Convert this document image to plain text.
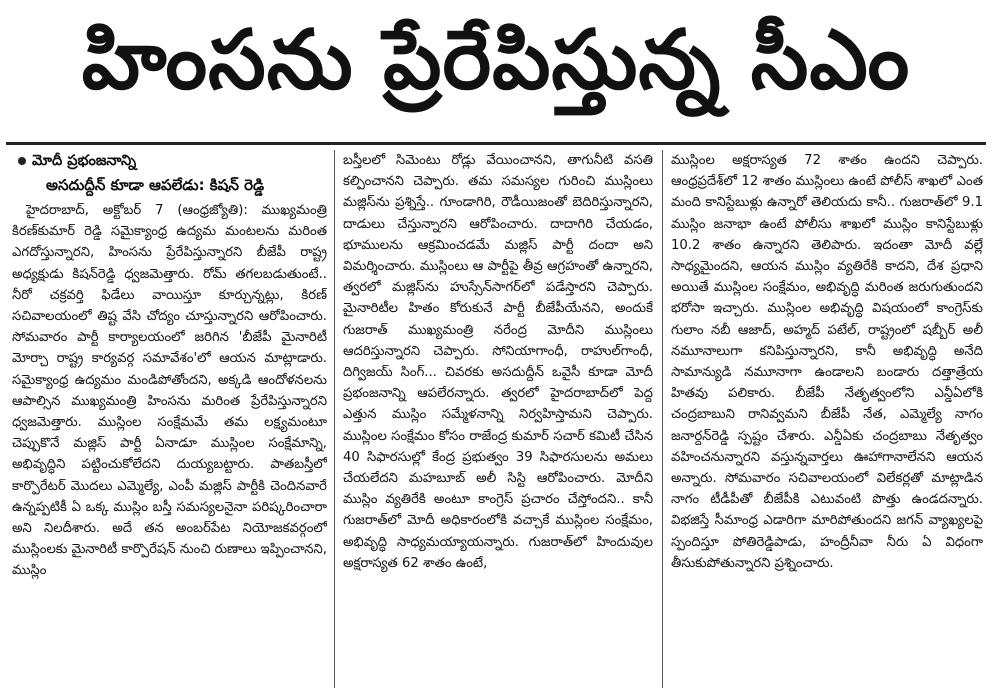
హింసను ప్రేరేపిస్తున్న సీఎం
మోదీ ప్రభంజనాన్ని
అసదుద్దీన్ కూడా ఆపలేడు: కిషన్ రెడ్డి

హైదరాబాద్, అక్టోబర్ 7 (ఆంధ్రజ్యోతి): ముఖ్యమంత్రి కిరణ్‌కుమార్ రెడ్డి సమైక్యాంధ్ర ఉద్యమ మంటలను మరింత ఎగదోస్తున్నారని, హింసను ప్రేరేపిస్తున్నారని బీజేపీ రాష్ట్ర అధ్యక్షుడు కిషన్‌రెడ్డి ధ్వజమెత్తారు. రోమ్ తగలబడుతుంటే.. నీరో చక్రవర్తి ఫిడేలు వాయిస్తూ కూర్చున్నట్లు, కిరణ్ సచివాలయంలో తిష్ట వేసి చోద్యం చూస్తున్నారని ఆరోపించారు. సోమవారం పార్టీ కార్యాలయంలో జరిగిన 'బీజేపీ మైనారిటీ మోర్చా రాష్ట్ర కార్యవర్గ సమావేశం'లో ఆయన మాట్లాడారు. సమైక్యాంధ్ర ఉద్యమం మండిపోతోందని, అక్కడి ఆందోళనలను ఆపాల్సిన ముఖ్యమంత్రి హింసను మరింత ప్రేరేపిస్తున్నారని ధ్వజమెత్తారు. ముస్లింల సంక్షేమమే తమ లక్ష్యమంటూ చెప్పుకొనే మజ్లిస్ పార్టీ ఏనాడూ ముస్లింల సంక్షేమాన్ని, అభివృద్ధిని పట్టించుకోలేదని దుయ్యబట్టారు. పాతబస్తీలో కార్పొరేటర్ మొదలు ఎమ్మెల్యే, ఎంపీ మజ్లిస్ పార్టీకి చెందినవారే ఉన్నప్పటికీ ఏ ఒక్క ముస్లిం బస్తీ సమస్యలనైనా పరిష్కరించారా అని నిలదీశారు. అదే తన అంబర్‌పేట నియోజకవర్గంలో ముస్లింలకు మైనారిటీ కార్పొరేషన్ నుంచి రుణాలు ఇప్పించానని, ముస్లిం

బస్తీలలో సిమెంటు రోడ్లు వేయించానని, తాగునీటి వసతి కల్పించానని చెప్పారు. తమ సమస్యల గురించి ముస్లింలు మజ్లిస్‌ను ప్రశ్నిస్తే.. గూండాగిరి, రౌడీయిజంతో బెదిరిస్తున్నారని, దాడులు చేస్తున్నారని ఆరోపించారు. దాదాగిరి చేయడం, భూములను ఆక్రమించడమే మజ్లిస్ పార్టీ దందా అని విమర్శించారు. ముస్లింలు ఆ పార్టీపై తీవ్ర ఆగ్రహంతో ఉన్నారని, త్వరలో మజ్లిస్‌ను హుస్సేన్‌సాగర్‌లో పడేస్తారని చెప్పారు. మైనారిటీల హితం కోరుకునే పార్టీ బీజేపీయేనని, అందుకే గుజరాత్ ముఖ్యమంత్రి నరేంద్ర మోదీని ముస్లింలు ఆదరిస్తున్నారని చెప్పారు. సోనియాగాంధీ, రాహుల్‌గాంధీ, దిగ్విజయ్ సింగ్... చివరకు అసదుద్దీన్ ఒవైసీ కూడా మోదీ ప్రభంజనాన్ని ఆపలేరన్నారు. త్వరలో హైదరాబాద్‌లో పెద్ద ఎత్తున ముస్లిం సమ్మేళనాన్ని నిర్వహిస్తామని చెప్పారు. ముస్లింల సంక్షేమం కోసం రాజేంద్ర కుమార్ సచార్ కమిటీ చేసిన 40 సిఫారసుల్లో కేంద్ర ప్రభుత్వం 39 సిఫారసులను అమలు చేయలేదని మహబూబ్ అలీ సిస్టి ఆరోపించారు. మోదీని ముస్లిం వ్యతిరేకి అంటూ కాంగ్రెస్ ప్రచారం చేస్తోందని.. కానీ గుజరాత్‌లో మోదీ అధికారంలోకి వచ్చాకే ముస్లింల సంక్షేమం, అభివృద్ధి సాధ్యమయ్యాయన్నారు. గుజరాత్‌లో హిందువుల అక్షరాస్యత 62 శాతం ఉంటే,

ముస్లింల అక్షరాస్యత 72 శాతం ఉందని చెప్పారు. ఆంధ్రప్రదేశ్‌లో 12 శాతం ముస్లింలు ఉంటే పోలీస్ శాఖలో ఎంత మంది కానిస్టేబుళ్లు ఉన్నారో తెలియదు కానీ.. గుజరాత్‌లో 9.1 ముస్లిం జనాభా ఉంటే పోలీసు శాఖలో ముస్లిం కానిస్టేబుళ్లు 10.2 శాతం ఉన్నారని తెలిపారు. ఇదంతా మోదీ వల్లే సాధ్యమైందని, ఆయన ముస్లిం వ్యతిరేకి కాదని, దేశ ప్రధాని అయితే ముస్లింల సంక్షేమం, అభివృద్ధి మరింత జరుగుతుందని భరోసా ఇచ్చారు. ముస్లింల అభివృద్ధి విషయంలో కాంగ్రెస్‌కు గులాం నబీ ఆజాద్, అహ్మద్ పటేల్, రాష్ట్రంలో షబ్బీర్ అలీ నమూనాలుగా కనిపిస్తున్నారని, కానీ అభివృద్ధి అనేది సామాన్యుడి నమూనాగా ఉండాలని బండారు దత్తాత్రేయ హితవు పలికారు. బీజేపీ నేతృత్వంలోని ఎన్డీఏలోకి చంద్రబాబుని రానివ్వమని బీజేపీ నేత, ఎమ్మెల్యే నాగం జనార్దన్‌రెడ్డి స్పష్టం చేశారు. ఎన్డీఏకు చంద్రబాబు నేతృత్వం వహించనున్నారని వస్తున్నవార్తలు ఊహాగానాలేనని ఆయన అన్నారు. సోమవారం సచివాలయంలో విలేకర్లతో మాట్లాడిన నాగం టీడీపీతో బీజేపీకి ఎటువంటి పొత్తు ఉండదన్నారు. విభజిస్తే సీమాంధ్ర ఎడారిగా మారిపోతుందని జగన్ వ్యాఖ్యలపై స్పందిస్తూ పోతిరెడ్డిపాడు, హంద్రీనీవా నీరు ఏ విధంగా తీసుకుపోతున్నారని ప్రశ్నించారు.
